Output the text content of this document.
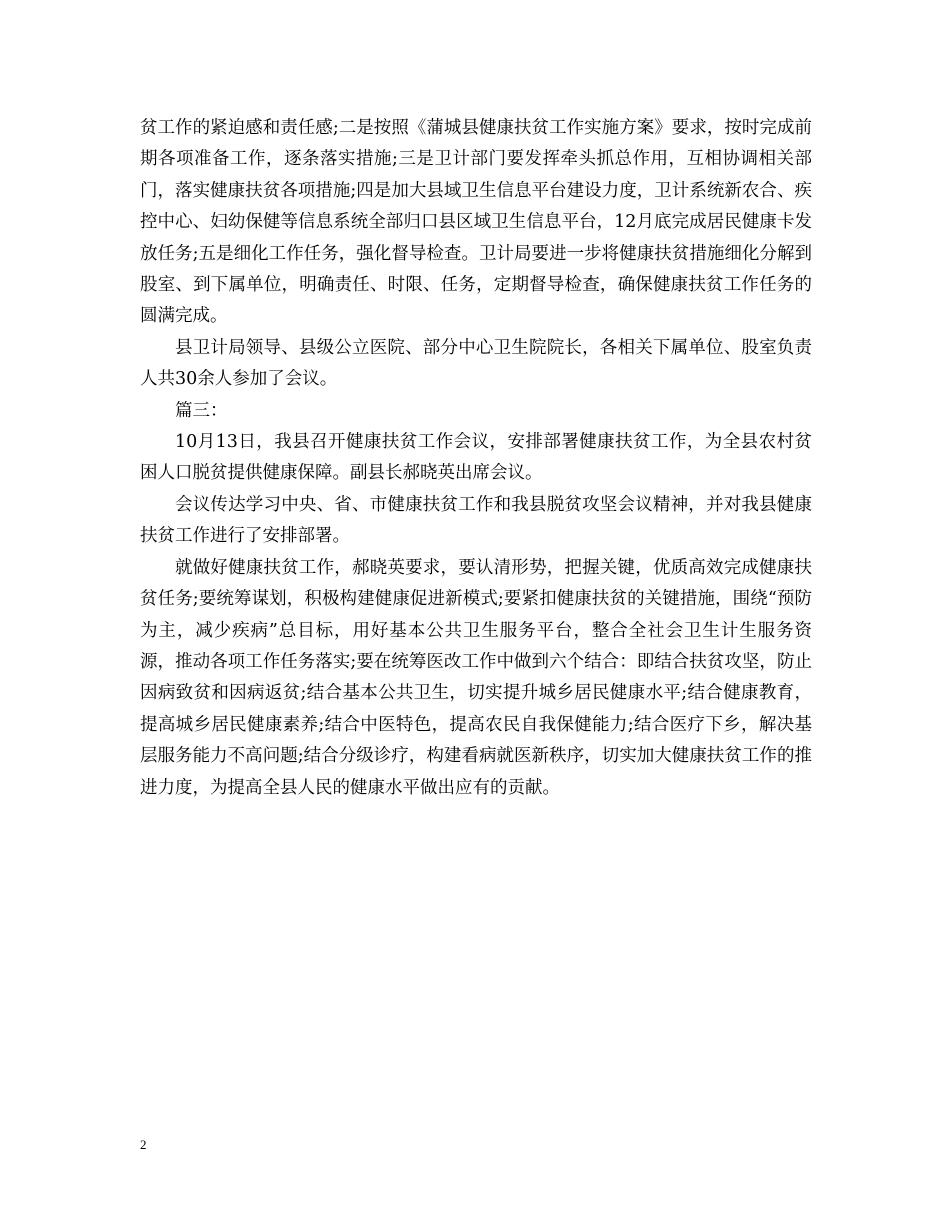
贫工作的紧迫感和责任感;二是按照《蒲城县健康扶贫工作实施方案》要求，按时完成前期各项准备工作，逐条落实措施;三是卫计部门要发挥牵头抓总作用，互相协调相关部门，落实健康扶贫各项措施;四是加大县域卫生信息平台建设力度，卫计系统新农合、疾控中心、妇幼保健等信息系统全部归口县区域卫生信息平台，12月底完成居民健康卡发放任务;五是细化工作任务，强化督导检查。卫计局要进一步将健康扶贫措施细化分解到股室、到下属单位，明确责任、时限、任务，定期督导检查，确保健康扶贫工作任务的圆满完成。

县卫计局领导、县级公立医院、部分中心卫生院院长，各相关下属单位、股室负责人共30余人参加了会议。

篇三：

10月13日，我县召开健康扶贫工作会议，安排部署健康扶贫工作，为全县农村贫困人口脱贫提供健康保障。副县长郝晓英出席会议。

会议传达学习中央、省、市健康扶贫工作和我县脱贫攻坚会议精神，并对我县健康扶贫工作进行了安排部署。

就做好健康扶贫工作，郝晓英要求，要认清形势，把握关键，优质高效完成健康扶贫任务;要统筹谋划，积极构建健康促进新模式;要紧扣健康扶贫的关键措施，围绕“预防为主，减少疾病”总目标，用好基本公共卫生服务平台，整合全社会卫生计生服务资源，推动各项工作任务落实;要在统筹医改工作中做到六个结合：即结合扶贫攻坚，防止因病致贫和因病返贫;结合基本公共卫生，切实提升城乡居民健康水平;结合健康教育，提高城乡居民健康素养;结合中医特色，提高农民自我保健能力;结合医疗下乡，解决基层服务能力不高问题;结合分级诊疗，构建看病就医新秩序，切实加大健康扶贫工作的推进力度，为提高全县人民的健康水平做出应有的贡献。

2
